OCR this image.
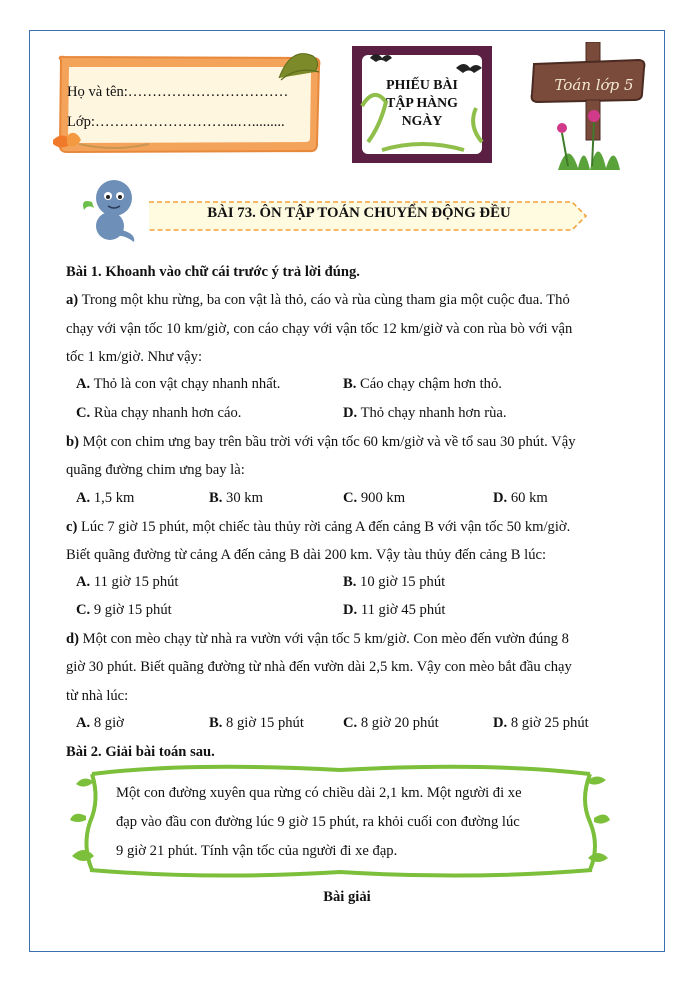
Họ và tên:……………………………
Lớp:………………………...….........
PHIẾU BÀI
TẬP HÀNG
NGÀY
Toán lớp 5
BÀI 73. ÔN TẬP TOÁN CHUYỂN ĐỘNG ĐỀU
Bài 1. Khoanh vào chữ cái trước ý trả lời đúng.
a) Trong một khu rừng, ba con vật là thỏ, cáo và rùa cùng tham gia một cuộc đua. Thỏ
chạy với vận tốc 10 km/giờ, con cáo chạy với vận tốc 12 km/giờ và con rùa bò với vận
tốc 1 km/giờ. Như vậy:
A. Thỏ là con vật chạy nhanh nhất.	B. Cáo chạy chậm hơn thỏ.
C. Rùa chạy nhanh hơn cáo.	D. Thỏ chạy nhanh hơn rùa.
b) Một con chim ưng bay trên bầu trời với vận tốc 60 km/giờ và về tổ sau 30 phút. Vậy
quãng đường chim ưng bay là:
A. 1,5 km	B. 30 km	C. 900 km	D. 60 km
c) Lúc 7 giờ 15 phút, một chiếc tàu thủy rời cảng A đến cảng B với vận tốc 50 km/giờ.
Biết quãng đường từ cảng A đến cảng B dài 200 km. Vậy tàu thủy đến cảng B lúc:
A. 11 giờ 15 phút	B. 10 giờ 15 phút
C. 9 giờ 15 phút	D. 11 giờ 45 phút
d) Một con mèo chạy từ nhà ra vườn với vận tốc 5 km/giờ. Con mèo đến vườn đúng 8
giờ 30 phút. Biết quãng đường từ nhà đến vườn dài 2,5 km. Vậy con mèo bắt đầu chạy
từ nhà lúc:
A. 8 giờ	B. 8 giờ 15 phút	C. 8 giờ 20 phút	D. 8 giờ 25 phút
Bài 2. Giải bài toán sau.
Một con đường xuyên qua rừng có chiều dài 2,1 km. Một người đi xe
đạp vào đầu con đường lúc 9 giờ 15 phút, ra khỏi cuối con đường lúc
9 giờ 21 phút. Tính vận tốc của người đi xe đạp.
Bài giải
